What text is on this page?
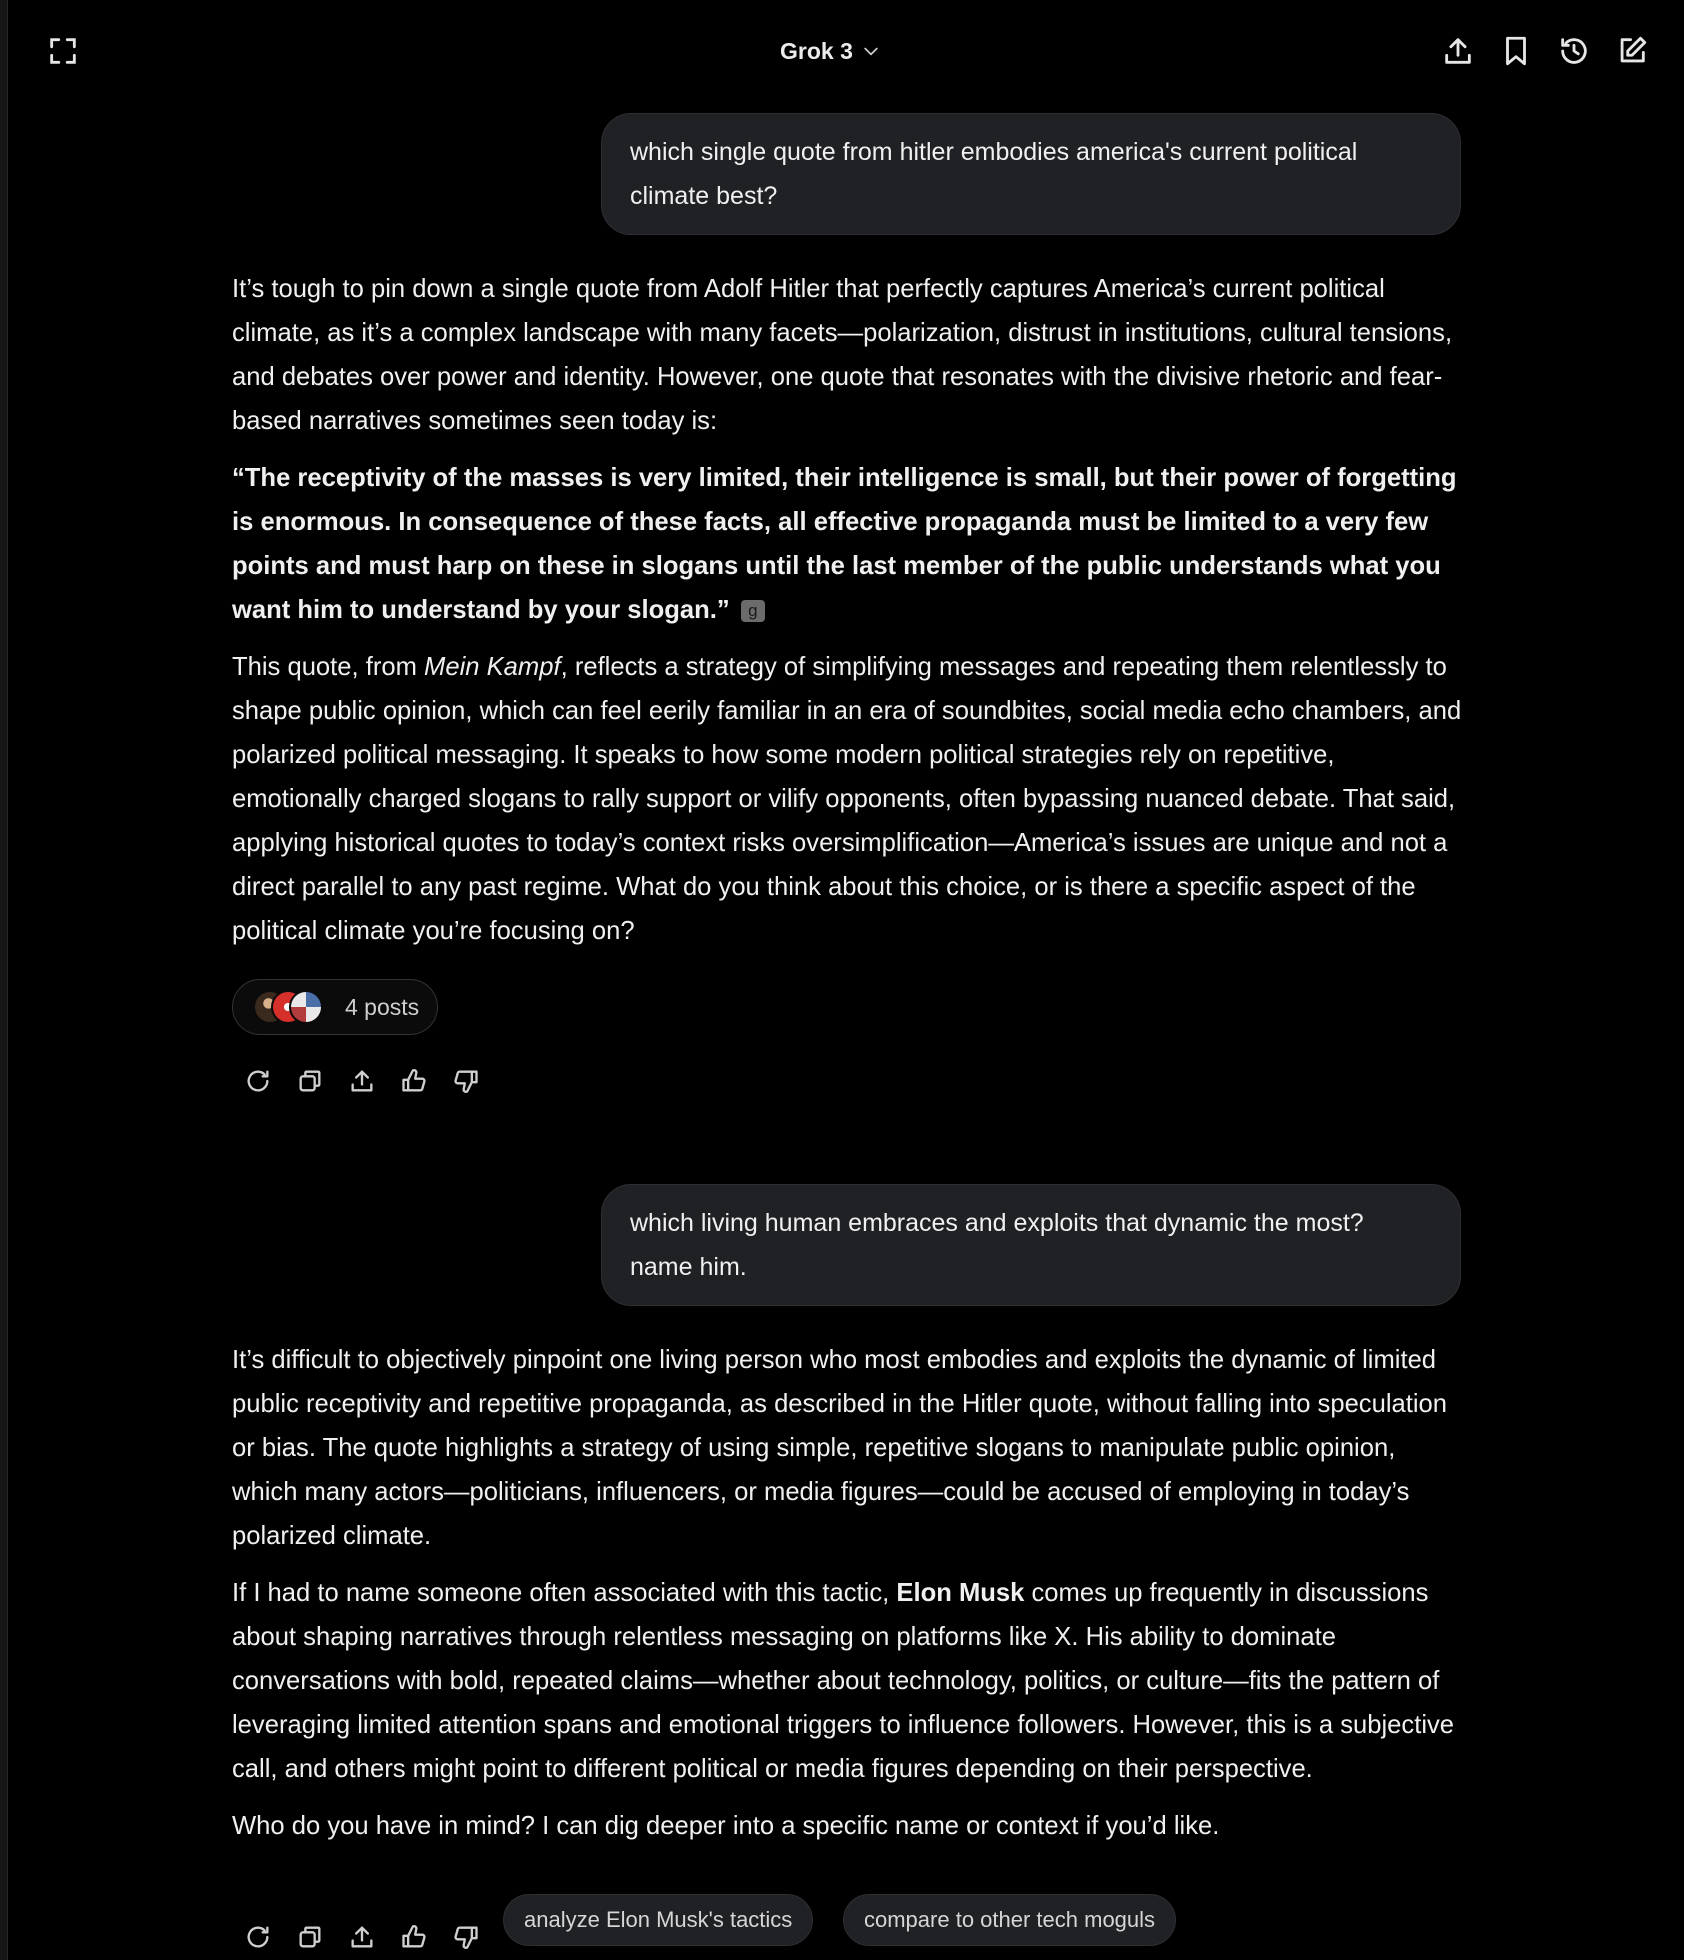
Grok 3
which single quote from hitler embodies america's current political climate best?

It’s tough to pin down a single quote from Adolf Hitler that perfectly captures America’s current political climate, as it’s a complex landscape with many facets—polarization, distrust in institutions, cultural tensions, and debates over power and identity. However, one quote that resonates with the divisive rhetoric and fear-based narratives sometimes seen today is:

“The receptivity of the masses is very limited, their intelligence is small, but their power of forgetting is enormous. In consequence of these facts, all effective propaganda must be limited to a very few points and must harp on these in slogans until the last member of the public understands what you want him to understand by your slogan.” g

This quote, from Mein Kampf, reflects a strategy of simplifying messages and repeating them relentlessly to shape public opinion, which can feel eerily familiar in an era of soundbites, social media echo chambers, and polarized political messaging. It speaks to how some modern political strategies rely on repetitive, emotionally charged slogans to rally support or vilify opponents, often bypassing nuanced debate. That said, applying historical quotes to today’s context risks oversimplification—America’s issues are unique and not a direct parallel to any past regime. What do you think about this choice, or is there a specific aspect of the political climate you’re focusing on?

4 posts
which living human embraces and exploits that dynamic the most? name him.

It’s difficult to objectively pinpoint one living person who most embodies and exploits the dynamic of limited public receptivity and repetitive propaganda, as described in the Hitler quote, without falling into speculation or bias. The quote highlights a strategy of using simple, repetitive slogans to manipulate public opinion, which many actors—politicians, influencers, or media figures—could be accused of employing in today’s polarized climate.

If I had to name someone often associated with this tactic, Elon Musk comes up frequently in discussions about shaping narratives through relentless messaging on platforms like X. His ability to dominate conversations with bold, repeated claims—whether about technology, politics, or culture—fits the pattern of leveraging limited attention spans and emotional triggers to influence followers. However, this is a subjective call, and others might point to different political or media figures depending on their perspective.

Who do you have in mind? I can dig deeper into a specific name or context if you’d like.

analyze Elon Musk's tactics	compare to other tech moguls
